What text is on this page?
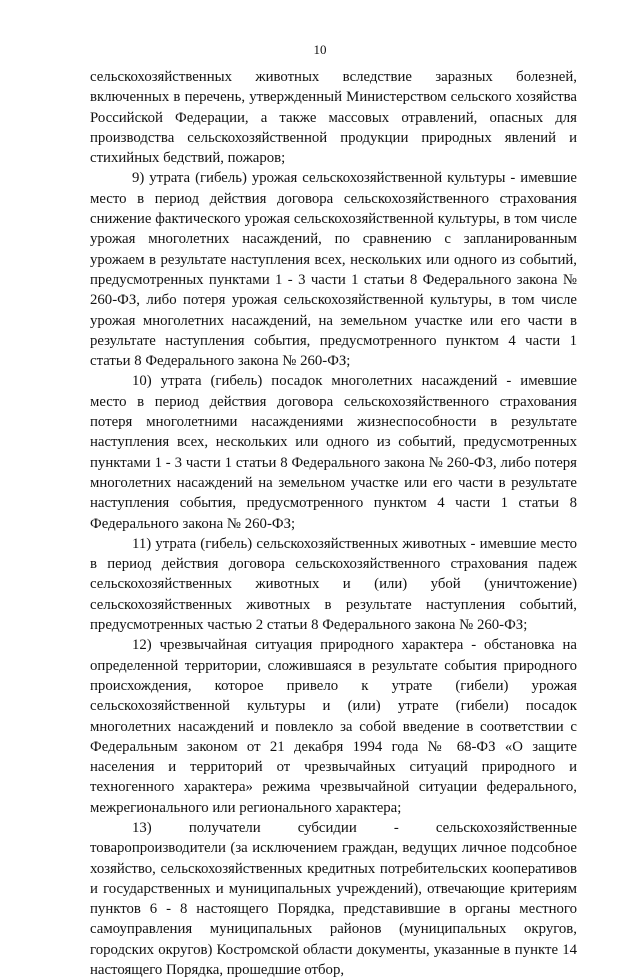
10

сельскохозяйственных животных вследствие заразных болезней, включенных в перечень, утвержденный Министерством сельского хозяйства Российской Федерации, а также массовых отравлений, опасных для производства сельскохозяйственной продукции природных явлений и стихийных бедствий, пожаров;

9) утрата (гибель) урожая сельскохозяйственной культуры - имевшие место в период действия договора сельскохозяйственного страхования снижение фактического урожая сельскохозяйственной культуры, в том числе урожая многолетних насаждений, по сравнению с запланированным урожаем в результате наступления всех, нескольких или одного из событий, предусмотренных пунктами 1 - 3 части 1 статьи 8 Федерального закона № 260-ФЗ, либо потеря урожая сельскохозяйственной культуры, в том числе урожая многолетних насаждений, на земельном участке или его части в результате наступления события, предусмотренного пунктом 4 части 1 статьи 8 Федерального закона № 260-ФЗ;

10) утрата (гибель) посадок многолетних насаждений - имевшие место в период действия договора сельскохозяйственного страхования потеря многолетними насаждениями жизнеспособности в результате наступления всех, нескольких или одного из событий, предусмотренных пунктами 1 - 3 части 1 статьи 8 Федерального закона № 260-ФЗ, либо потеря многолетних насаждений на земельном участке или его части в результате наступления события, предусмотренного пунктом 4 части 1 статьи 8 Федерального закона № 260-ФЗ;

11) утрата (гибель) сельскохозяйственных животных - имевшие место в период действия договора сельскохозяйственного страхования падеж сельскохозяйственных животных и (или) убой (уничтожение) сельскохозяйственных животных в результате наступления событий, предусмотренных частью 2 статьи 8 Федерального закона № 260-ФЗ;

12) чрезвычайная ситуация природного характера - обстановка на определенной территории, сложившаяся в результате события природного происхождения, которое привело к утрате (гибели) урожая сельскохозяйственной культуры и (или) утрате (гибели) посадок многолетних насаждений и повлекло за собой введение в соответствии с Федеральным законом от 21 декабря 1994 года № 68-ФЗ «О защите населения и территорий от чрезвычайных ситуаций природного и техногенного характера» режима чрезвычайной ситуации федерального, межрегионального или регионального характера;

13) получатели субсидии - сельскохозяйственные товаропроизводители (за исключением граждан, ведущих личное подсобное хозяйство, сельскохозяйственных кредитных потребительских кооперативов и государственных и муниципальных учреждений), отвечающие критериям пунктов 6 - 8 настоящего Порядка, представившие в органы местного самоуправления муниципальных районов (муниципальных округов, городских округов) Костромской области документы, указанные в пункте 14 настоящего Порядка, прошедшие отбор,
